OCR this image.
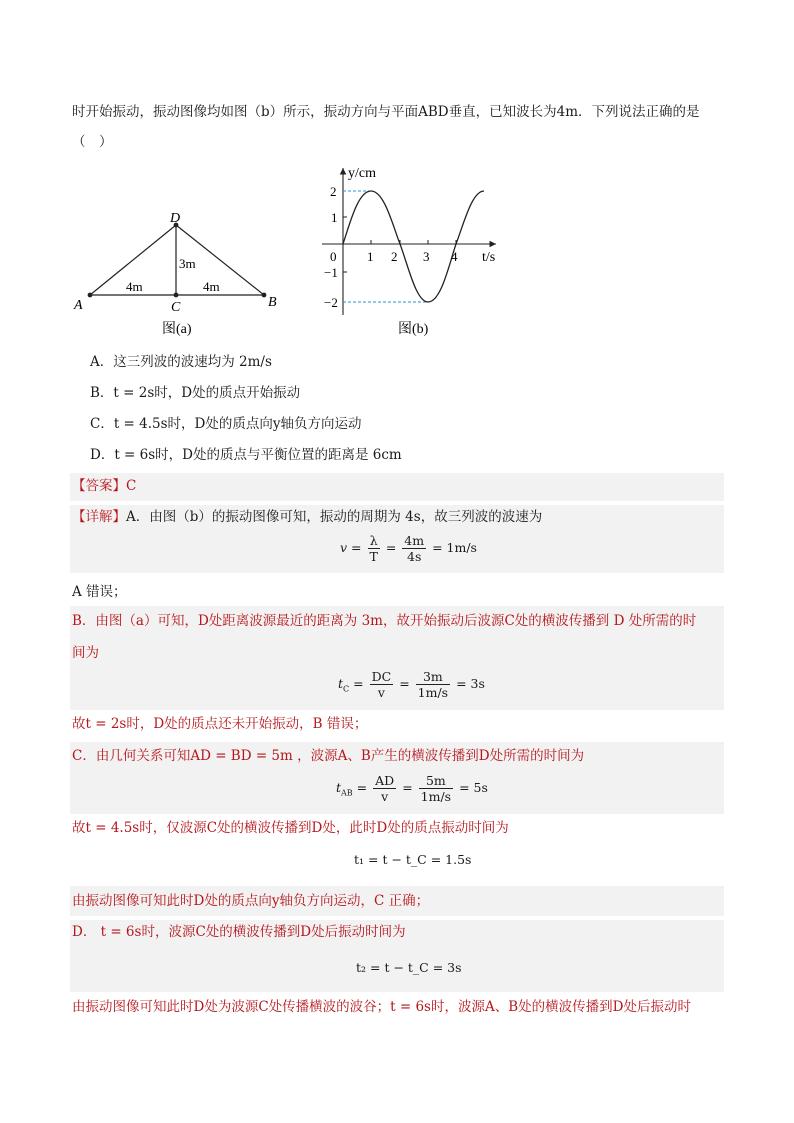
时开始振动，振动图像均如图（b）所示，振动方向与平面ABD垂直，已知波长为4m．下列说法正确的是
（　）
D
A	B
C
3m
4m	4m
图(a)
y/cm
t/s
2
1
−1
−2
0 1 2 3 4
图(b)
A．这三列波的波速均为 2m/s
B．t = 2s时，D处的质点开始振动
C．t = 4.5s时，D处的质点向y轴负方向运动
D．t = 6s时，D处的质点与平衡位置的距离是 6cm
【答案】C
【详解】A．由图（b）的振动图像可知，振动的周期为 4s，故三列波的波速为
$v = \frac{\lambda}{T} = \frac{4m}{4s} = 1m/s$
A 错误；
B．由图（a）可知，D处距离波源最近的距离为 3m，故开始振动后波源C处的横波传播到 D 处所需的时
间为
$t_C = \frac{DC}{v} = \frac{3m}{1m/s} = 3s$
故t = 2s时，D处的质点还未开始振动，B 错误；
C．由几何关系可知AD = BD = 5m ，波源A、B产生的横波传播到D处所需的时间为
$t_{AB} = \frac{AD}{v} = \frac{5m}{1m/s} = 5s$
故t = 4.5s时，仅波源C处的横波传播到D处，此时D处的质点振动时间为
t₁ = t − t_C = 1.5s
由振动图像可知此时D处的质点向y轴负方向运动，C 正确；
D． t = 6s时，波源C处的横波传播到D处后振动时间为
t₂ = t − t_C = 3s
由振动图像可知此时D处为波源C处传播横波的波谷；t = 6s时，波源A、B处的横波传播到D处后振动时
